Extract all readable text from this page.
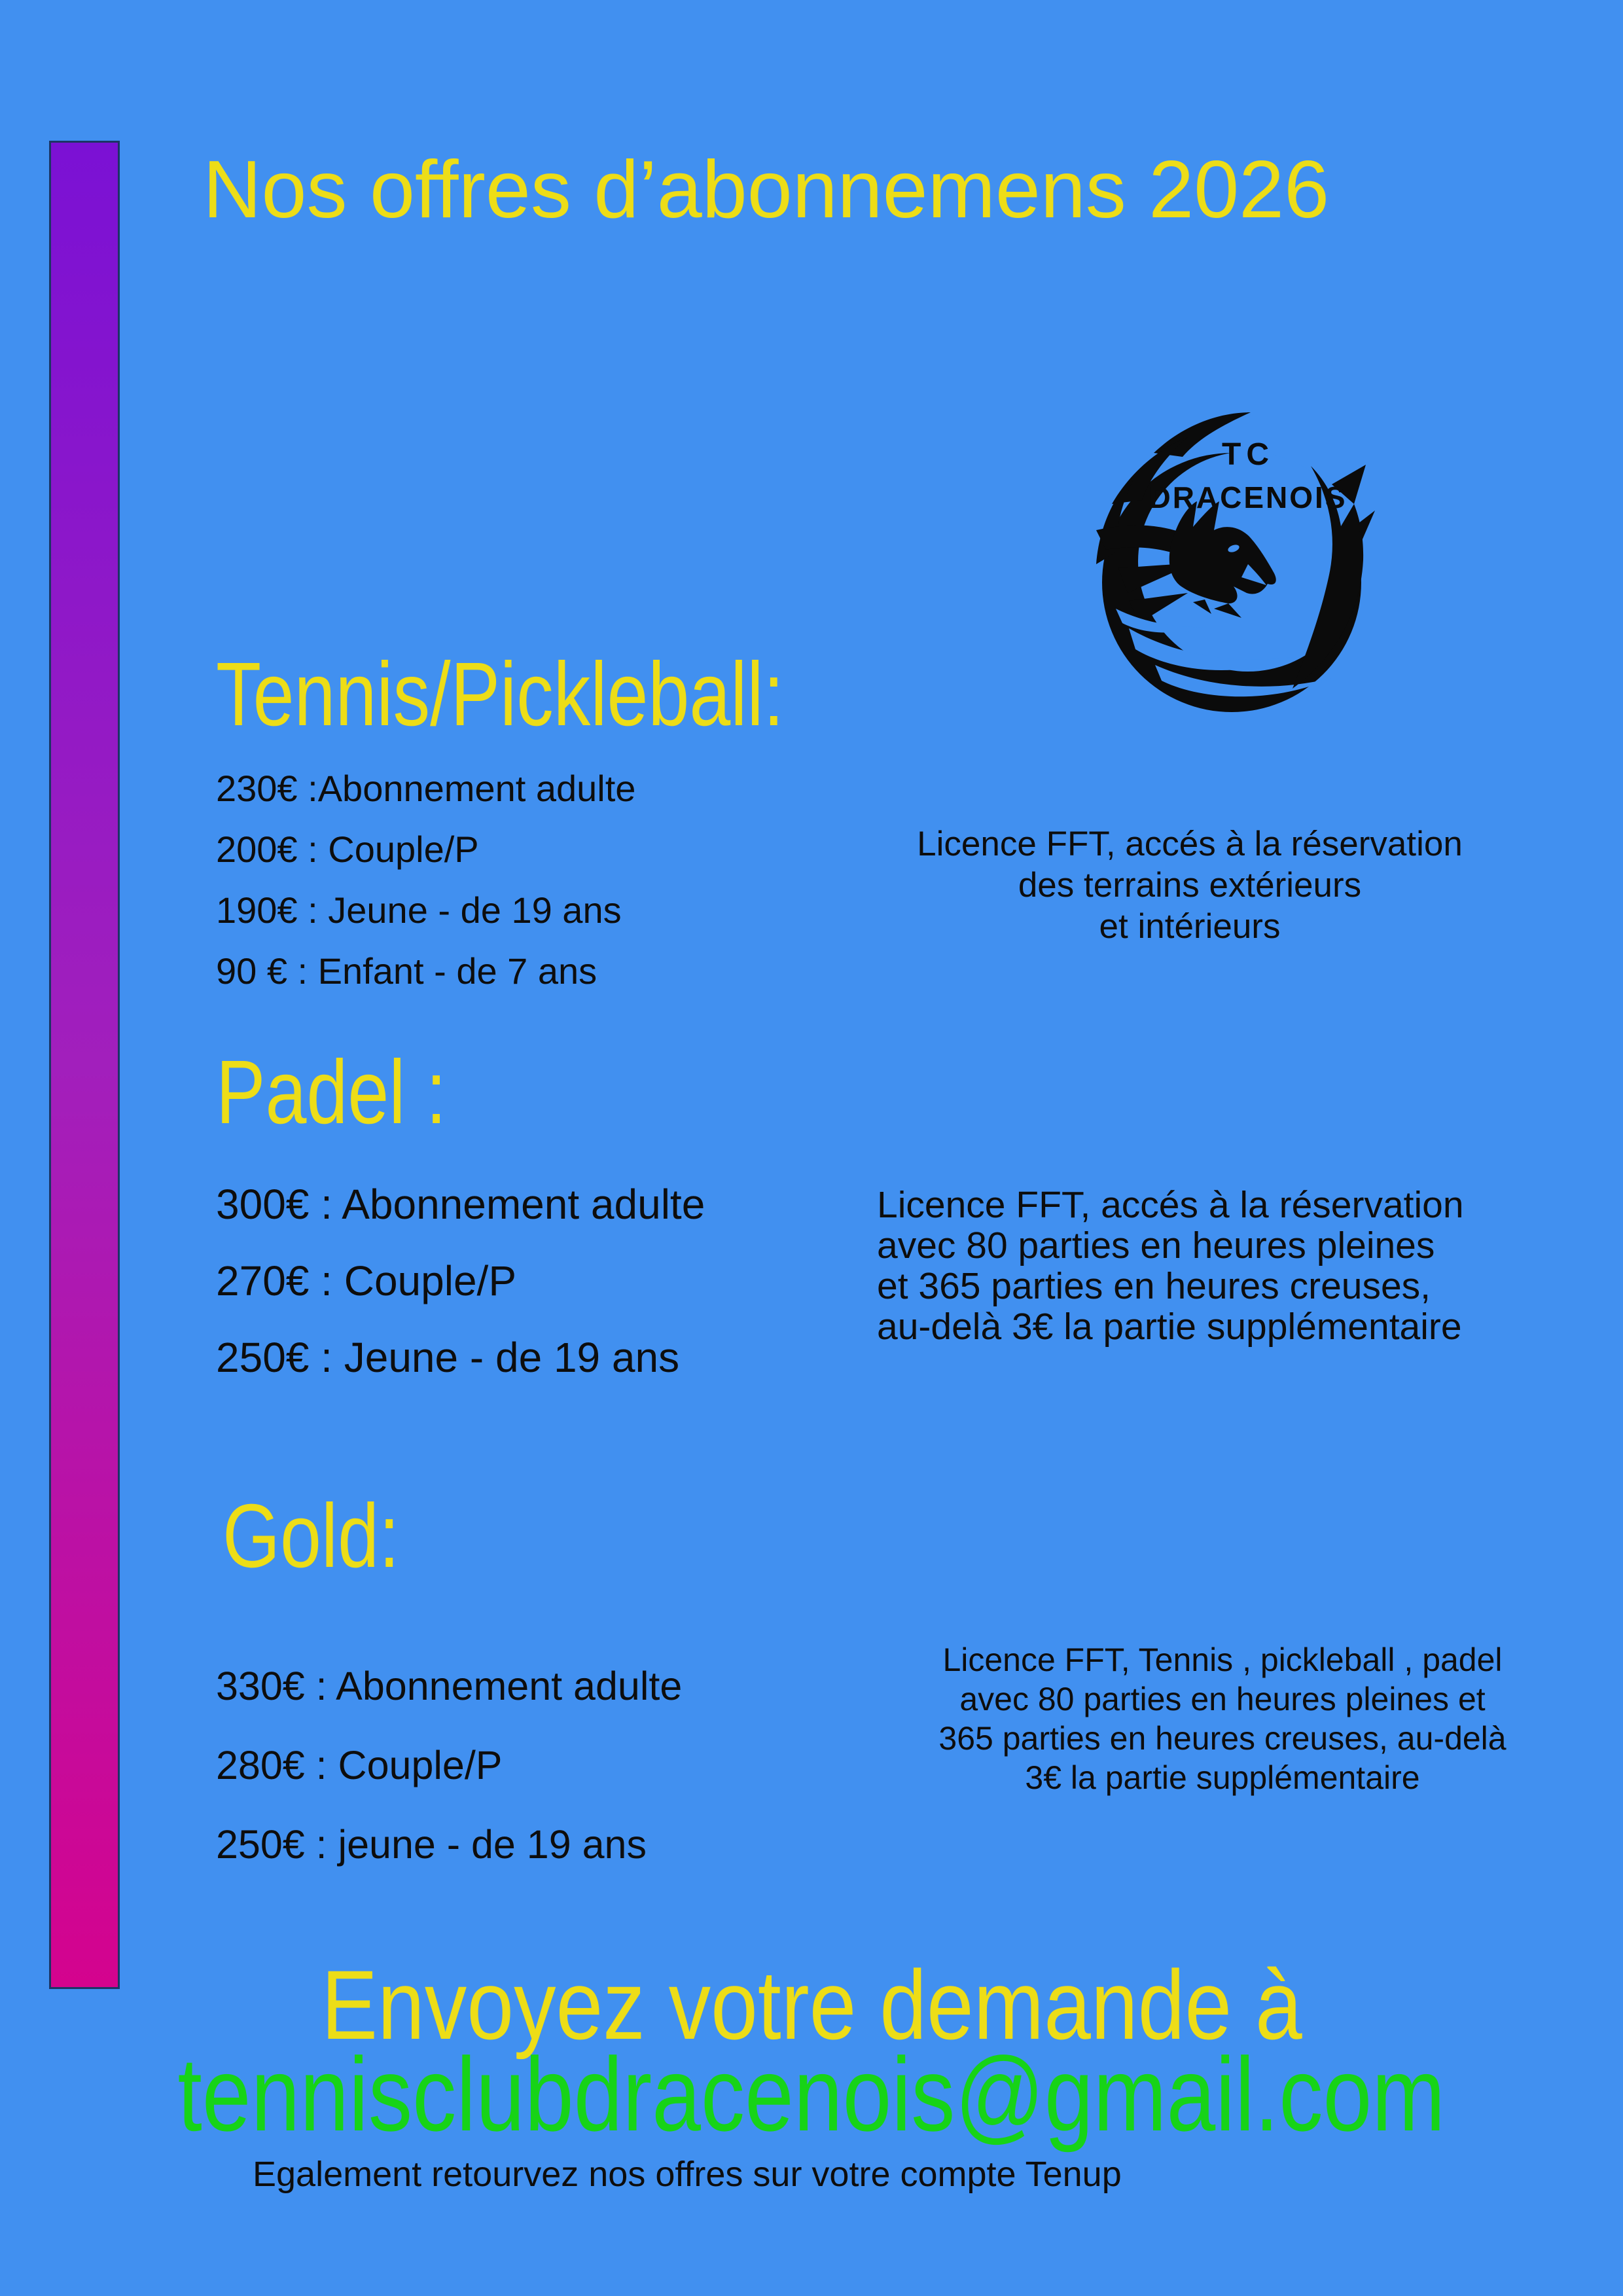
Nos offres d’abonnemens 2026
TC
DRACENOIS
Tennis/Pickleball:
230€ :Abonnement adulte
200€ : Couple/P
190€ : Jeune - de 19 ans
90 € : Enfant - de 7 ans
Licence FFT, accés à la réservation
des terrains extérieurs
et intérieurs
Padel :
300€ : Abonnement adulte
270€ : Couple/P
250€ : Jeune - de 19 ans
Licence FFT, accés à la réservation
avec 80 parties en heures pleines
et 365 parties en heures creuses,
au-delà 3€ la partie supplémentaire
Gold:
330€ : Abonnement adulte
280€ : Couple/P
250€ : jeune - de 19 ans
Licence FFT, Tennis , pickleball , padel
avec 80 parties en heures pleines et
365 parties en heures creuses, au-delà
3€ la partie supplémentaire
Envoyez votre demande à
tennisclubdracenois@gmail.com
Egalement retourvez nos offres sur votre compte Tenup
